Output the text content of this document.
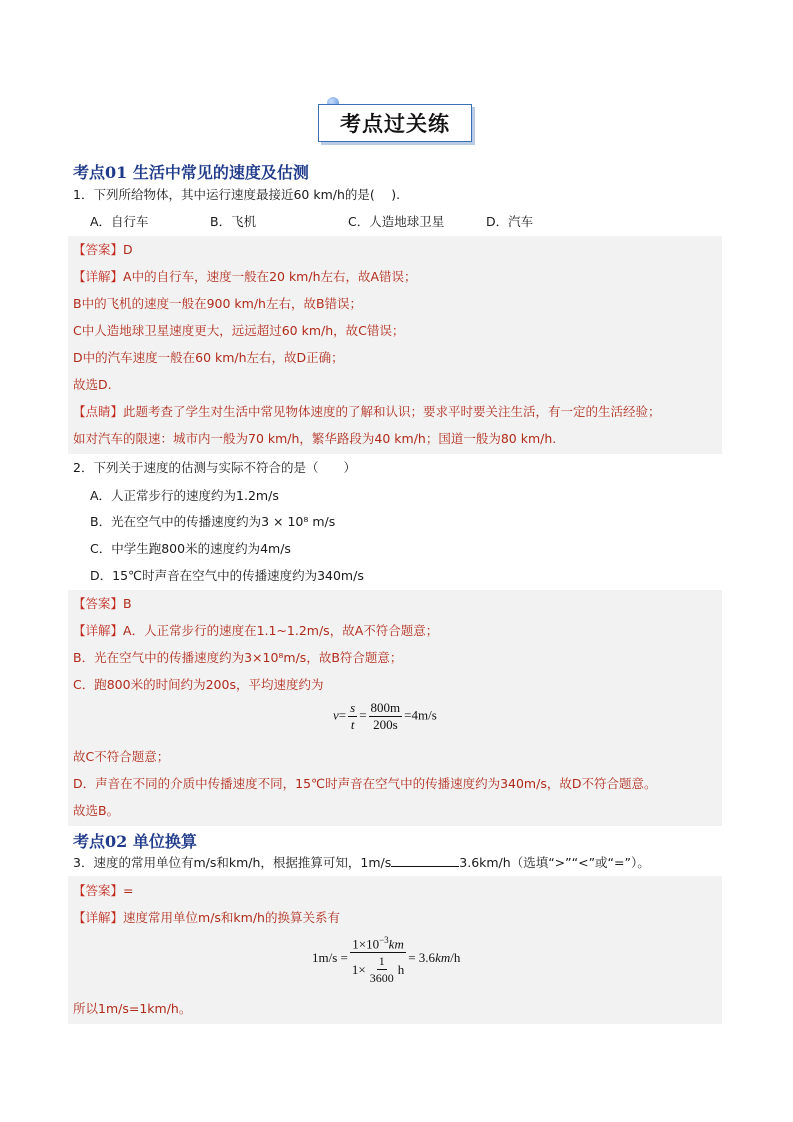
考点过关练
考点01 生活中常见的速度及估测
1．下列所给物体，其中运行速度最接近60 km/h的是(　 ).
A．自行车	B．飞机	C．人造地球卫星	D．汽车
【答案】D
【详解】A中的自行车，速度一般在20 km/h左右，故A错误；
B中的飞机的速度一般在900 km/h左右，故B错误；
C中人造地球卫星速度更大，远远超过60 km/h，故C错误；
D中的汽车速度一般在60 km/h左右，故D正确；
故选D.
【点睛】此题考查了学生对生活中常见物体速度的了解和认识；要求平时要关注生活，有一定的生活经验；
如对汽车的限速：城市内一般为70 km/h，繁华路段为40 km/h；国道一般为80 km/h.
2．下列关于速度的估测与实际不符合的是（　　）
A．人正常步行的速度约为1.2m/s
B．光在空气中的传播速度约为3 × 10⁸ m/s
C．中学生跑800米的速度约为4m/s
D．15℃时声音在空气中的传播速度约为340m/s
【答案】B
【详解】A．人正常步行的速度在1.1~1.2m/s，故A不符合题意；
B．光在空气中的传播速度约为3×10⁸m/s，故B符合题意；
C．跑800米的时间约为200s，平均速度约为
$v= \frac{s}{t} = \frac{800m}{200s} =4m/s$
故C不符合题意；
D．声音在不同的介质中传播速度不同，15℃时声音在空气中的传播速度约为340m/s，故D不符合题意。
故选B。
考点02 单位换算
3．速度的常用单位有m/s和km/h，根据推算可知，1m/s	3.6km/h（选填“>”“<”或“=”）。
【答案】=
【详解】速度常用单位m/s和km/h的换算关系有
$1m/s = \frac{1\times 10^{-3}km}{1\times \frac{1}{3600} h} = 3.6km/h$
所以1m/s=1km/h。
